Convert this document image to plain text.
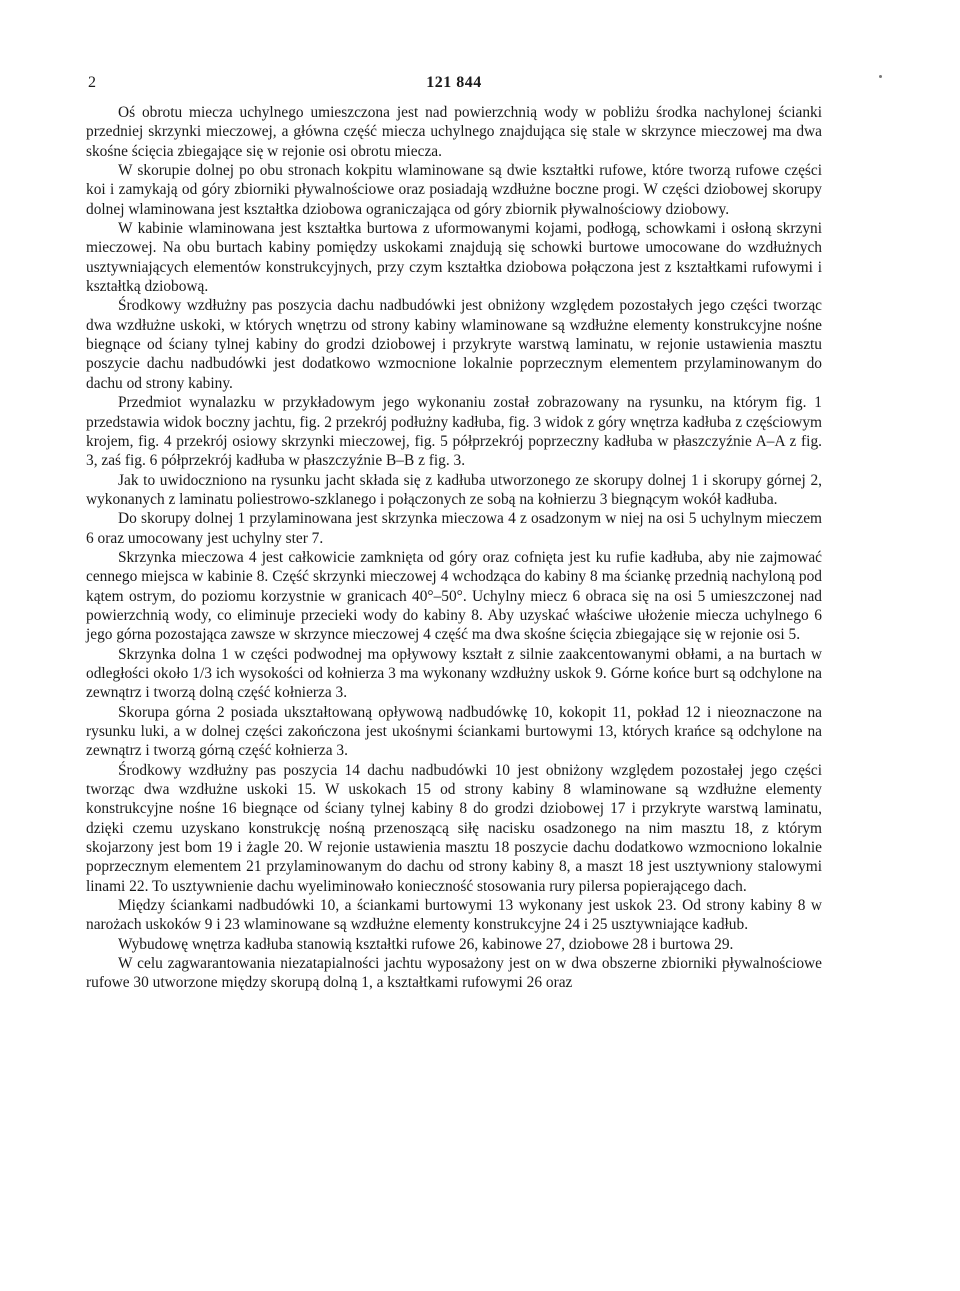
2	121 844

Oś obrotu miecza uchylnego umieszczona jest nad powierzchnią wody w pobliżu środka nachylonej ścianki przedniej skrzynki mieczowej, a główna część miecza uchylnego znajdująca się stale w skrzynce mieczowej ma dwa skośne ścięcia zbiegające się w rejonie osi obrotu miecza.

W skorupie dolnej po obu stronach kokpitu wlaminowane są dwie kształtki rufowe, które tworzą rufowe części koi i zamykają od góry zbiorniki pływalnościowe oraz posiadają wzdłużne boczne progi. W części dziobowej skorupy dolnej wlaminowana jest kształtka dziobowa ograniczająca od góry zbiornik pływalnościowy dziobowy.

W kabinie wlaminowana jest kształtka burtowa z uformowanymi kojami, podłogą, schowkami i osłoną skrzyni mieczowej. Na obu burtach kabiny pomiędzy uskokami znajdują się schowki burtowe umocowane do wzdłużnych usztywniających elementów konstrukcyjnych, przy czym kształtka dziobowa połączona jest z kształtkami rufowymi i kształtką dziobową.

Środkowy wzdłużny pas poszycia dachu nadbudówki jest obniżony względem pozostałych jego części tworząc dwa wzdłużne uskoki, w których wnętrzu od strony kabiny wlaminowane są wzdłużne elementy konstrukcyjne nośne biegnące od ściany tylnej kabiny do grodzi dziobowej i przykryte warstwą laminatu, w rejonie ustawienia masztu poszycie dachu nadbudówki jest dodatkowo wzmocnione lokalnie poprzecznym elementem przylaminowanym do dachu od strony kabiny.

Przedmiot wynalazku w przykładowym jego wykonaniu został zobrazowany na rysunku, na którym fig. 1 przedstawia widok boczny jachtu, fig. 2 przekrój podłużny kadłuba, fig. 3 widok z góry wnętrza kadłuba z częściowym krojem, fig. 4 przekrój osiowy skrzynki mieczowej, fig. 5 półprzekrój poprzeczny kadłuba w płaszczyźnie A–A z fig. 3, zaś fig. 6 półprzekrój kadłuba w płaszczyźnie B–B z fig. 3.

Jak to uwidoczniono na rysunku jacht składa się z kadłuba utworzonego ze skorupy dolnej 1 i skorupy górnej 2, wykonanych z laminatu poliestrowo-szklanego i połączonych ze sobą na kołnierzu 3 biegnącym wokół kadłuba.

Do skorupy dolnej 1 przylaminowana jest skrzynka mieczowa 4 z osadzonym w niej na osi 5 uchylnym mieczem 6 oraz umocowany jest uchylny ster 7.

Skrzynka mieczowa 4 jest całkowicie zamknięta od góry oraz cofnięta jest ku rufie kadłuba, aby nie zajmować cennego miejsca w kabinie 8. Część skrzynki mieczowej 4 wchodząca do kabiny 8 ma ściankę przednią nachyloną pod kątem ostrym, do poziomu korzystnie w granicach 40°–50°. Uchylny miecz 6 obraca się na osi 5 umieszczonej nad powierzchnią wody, co eliminuje przecieki wody do kabiny 8. Aby uzyskać właściwe ułożenie miecza uchylnego 6 jego górna pozostająca zawsze w skrzynce mieczowej 4 część ma dwa skośne ścięcia zbiegające się w rejonie osi 5.

Skrzynka dolna 1 w części podwodnej ma opływowy kształt z silnie zaakcentowanymi obłami, a na burtach w odległości około 1/3 ich wysokości od kołnierza 3 ma wykonany wzdłużny uskok 9. Górne końce burt są odchylone na zewnątrz i tworzą dolną część kołnierza 3.

Skorupa górna 2 posiada ukształtowaną opływową nadbudówkę 10, kokopit 11, pokład 12 i nieoznaczone na rysunku luki, a w dolnej części zakończona jest ukośnymi ściankami burtowymi 13, których krańce są odchylone na zewnątrz i tworzą górną część kołnierza 3.

Środkowy wzdłużny pas poszycia 14 dachu nadbudówki 10 jest obniżony względem pozostałej jego części tworząc dwa wzdłużne uskoki 15. W uskokach 15 od strony kabiny 8 wlaminowane są wzdłużne elementy konstrukcyjne nośne 16 biegnące od ściany tylnej kabiny 8 do grodzi dziobowej 17 i przykryte warstwą laminatu, dzięki czemu uzyskano konstrukcję nośną przenoszącą siłę nacisku osadzonego na nim masztu 18, z którym skojarzony jest bom 19 i żagle 20. W rejonie ustawienia masztu 18 poszycie dachu dodatkowo wzmocniono lokalnie poprzecznym elementem 21 przylaminowanym do dachu od strony kabiny 8, a maszt 18 jest usztywniony stalowymi linami 22. To usztywnienie dachu wyeliminowało konieczność stosowania rury pilersa popierającego dach.

Między ściankami nadbudówki 10, a ściankami burtowymi 13 wykonany jest uskok 23. Od strony kabiny 8 w narożach uskoków 9 i 23 wlaminowane są wzdłużne elementy konstrukcyjne 24 i 25 usztywniające kadłub.

Wybudowę wnętrza kadłuba stanowią kształtki rufowe 26, kabinowe 27, dziobowe 28 i burtowa 29.

W celu zagwarantowania niezatapialności jachtu wyposażony jest on w dwa obszerne zbiorniki pływalnościowe rufowe 30 utworzone między skorupą dolną 1, a kształtkami rufowymi 26 oraz
